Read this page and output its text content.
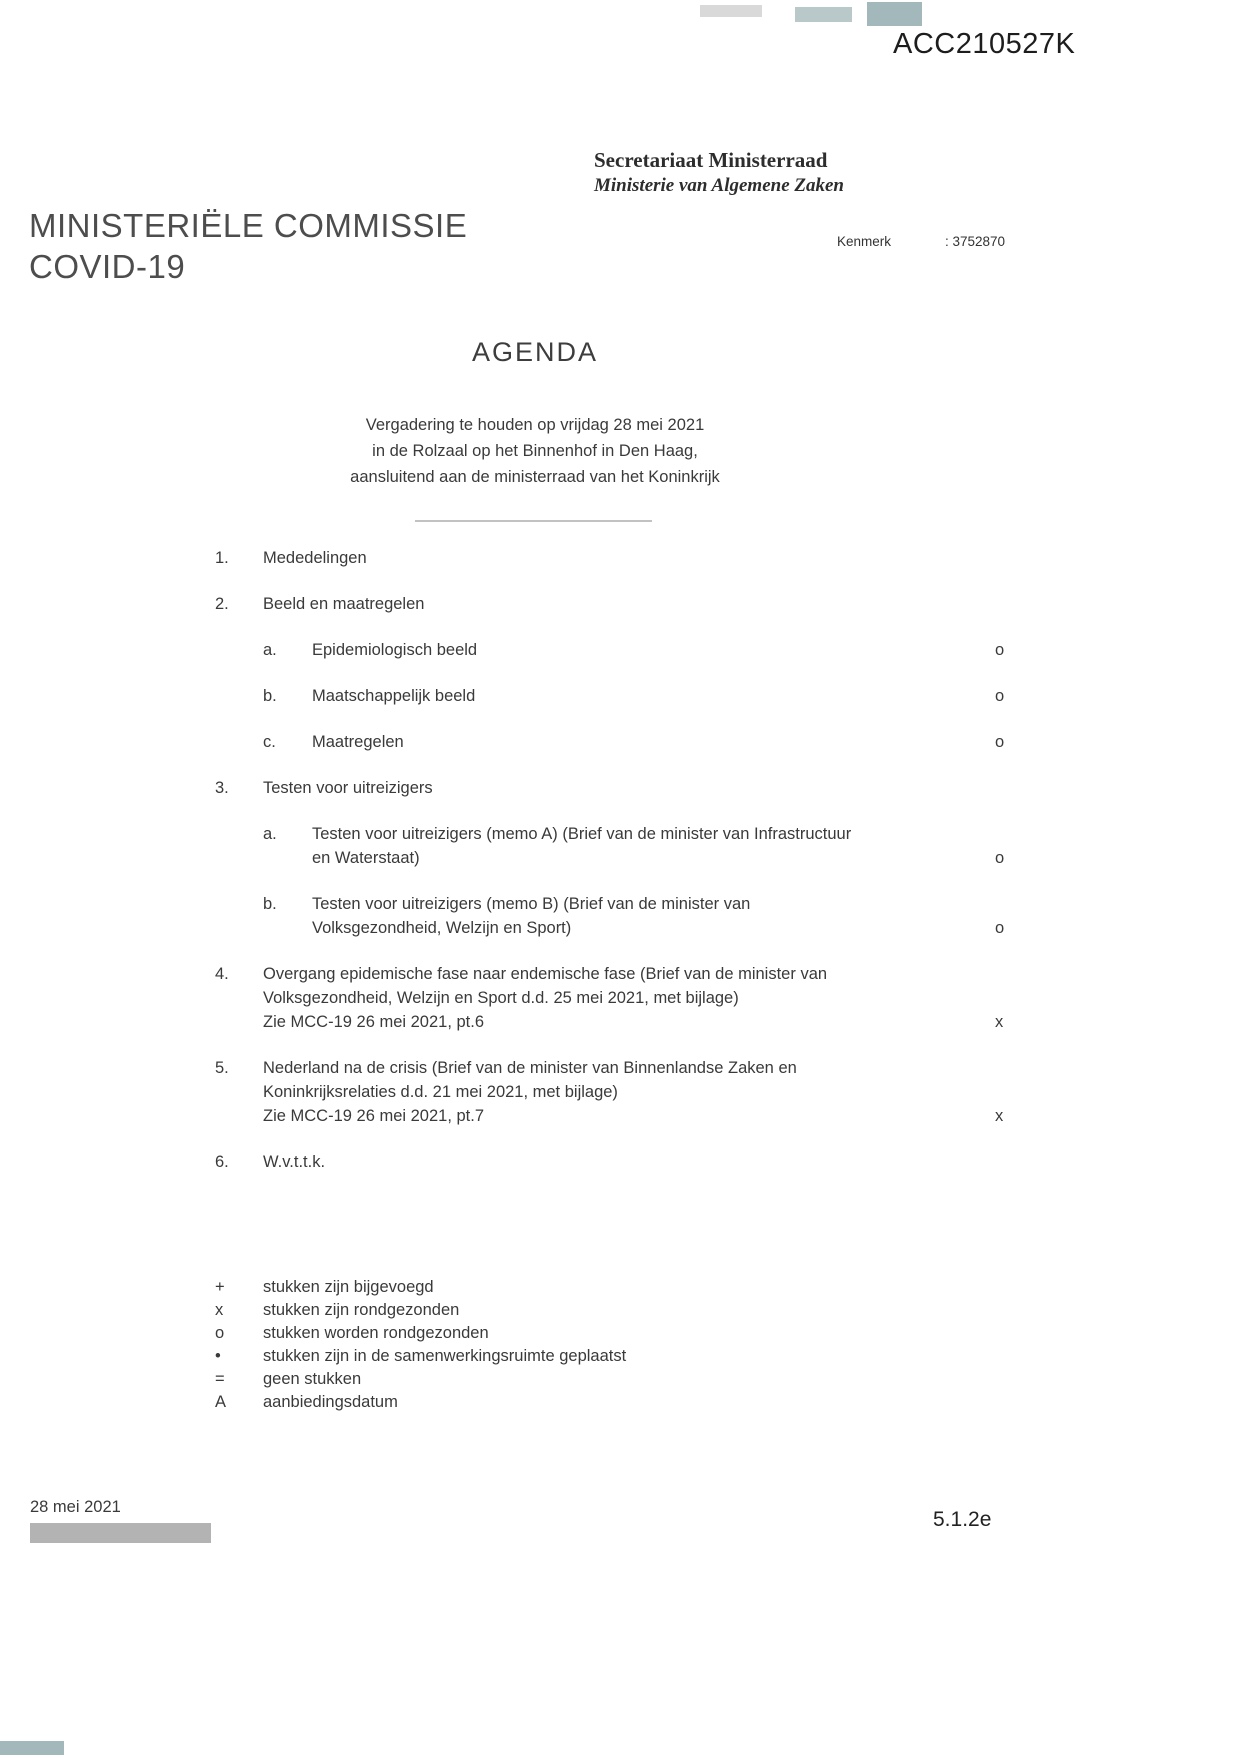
ACC210527K
Secretariaat Ministerraad
Ministerie van Algemene Zaken
MINISTERIËLE COMMISSIE
COVID-19
Kenmerk	: 3752870
AGENDA
Vergadering te houden op vrijdag 28 mei 2021
in de Rolzaal op het Binnenhof in Den Haag,
aansluitend aan de ministerraad van het Koninkrijk
1.	Mededelingen
2.	Beeld en maatregelen
a.	Epidemiologisch beeld	o
b.	Maatschappelijk beeld	o
c.	Maatregelen	o
3.	Testen voor uitreizigers
a.	Testen voor uitreizigers (memo A) (Brief van de minister van Infrastructuur
en Waterstaat)	o
b.	Testen voor uitreizigers (memo B) (Brief van de minister van
Volksgezondheid, Welzijn en Sport)	o
4.	Overgang epidemische fase naar endemische fase (Brief van de minister van
Volksgezondheid, Welzijn en Sport d.d. 25 mei 2021, met bijlage)
Zie MCC-19 26 mei 2021, pt.6	x
5.	Nederland na de crisis (Brief van de minister van Binnenlandse Zaken en
Koninkrijksrelaties d.d. 21 mei 2021, met bijlage)
Zie MCC-19 26 mei 2021, pt.7	x
6.	W.v.t.t.k.
+	stukken zijn bijgevoegd
x	stukken zijn rondgezonden
o	stukken worden rondgezonden
•	stukken zijn in de samenwerkingsruimte geplaatst
=	geen stukken
A	aanbiedingsdatum
28 mei 2021
5.1.2e
